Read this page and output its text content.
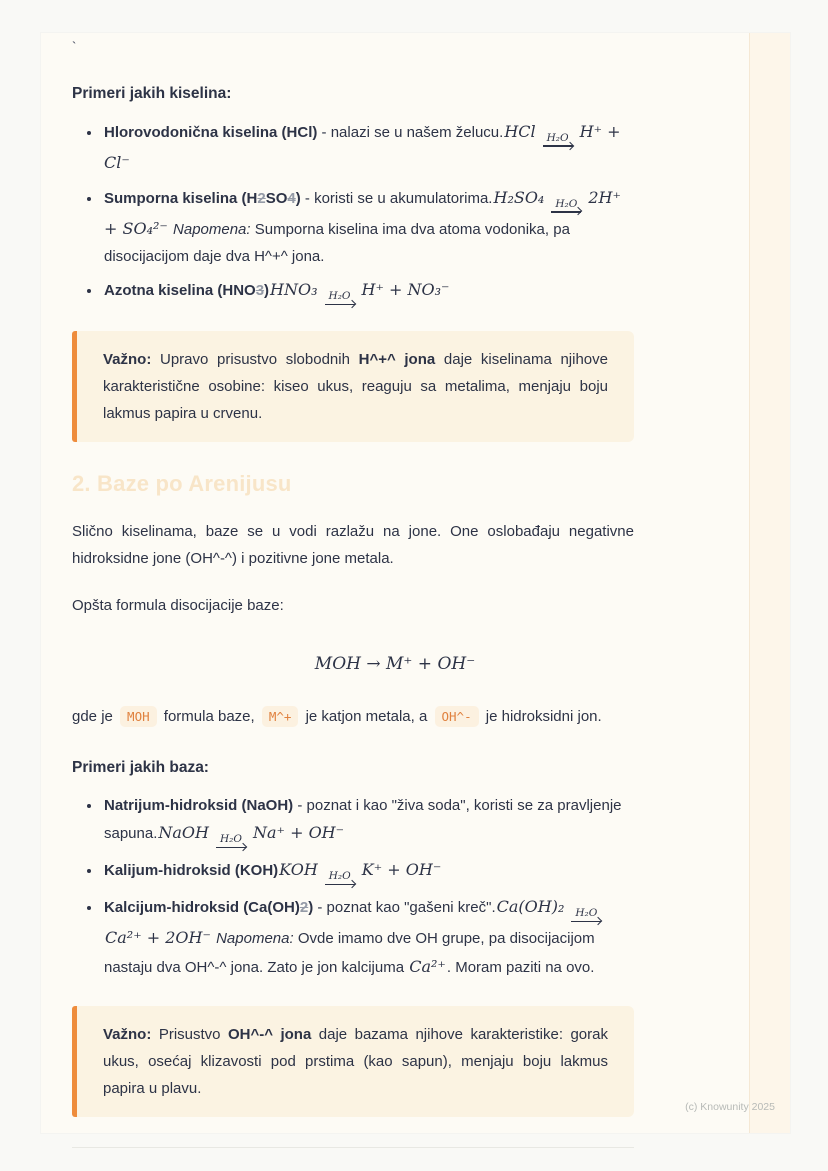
`

Primeri jakih kiselina:

• Hlorovodonična kiselina (HCl) - nalazi se u našem želucu.HCl H₂O H⁺ + Cl⁻
• Sumporna kiselina (H2SO4) - koristi se u akumulatorima.H₂SO₄ H₂O 2H⁺ + SO₄²⁻ Napomena: Sumporna kiselina ima dva atoma vodonika, pa disocijacijom daje dva H^+^ jona.
• Azotna kiselina (HNO3)HNO₃ H₂O H⁺ + NO₃⁻

Važno: Upravo prisustvo slobodnih H^+^ jona daje kiselinama njihove karakteristične osobine: kiseo ukus, reaguju sa metalima, menjaju boju lakmus papira u crvenu.

2. Baze po Arenijusu

Slično kiselinama, baze se u vodi razlažu na jone. One oslobađaju negativne hidroksidne jone (OH^-^) i pozitivne jone metala.

Opšta formula disocijacije baze:

MOH → M⁺ + OH⁻

gde je MOH formula baze, M^+ je katjon metala, a OH^- je hidroksidni jon.

Primeri jakih baza:

• Natrijum-hidroksid (NaOH) - poznat i kao "živa soda", koristi se za pravljenje sapuna.NaOH H₂O Na⁺ + OH⁻
• Kalijum-hidroksid (KOH)KOH H₂O K⁺ + OH⁻
• Kalcijum-hidroksid (Ca(OH)2) - poznat kao "gašeni kreč".Ca(OH)₂ H₂O
Ca²⁺ + 2OH⁻ Napomena: Ovde imamo dve OH grupe, pa disocijacijom nastaju dva OH^-^ jona. Zato je jon kalcijuma Ca²⁺. Moram paziti na ovo.

Važno: Prisustvo OH^-^ jona daje bazama njihove karakteristike: gorak ukus, osećaj klizavosti pod prstima (kao sapun), menjaju boju lakmus papira u plavu.

(c) Knowunity 2025
